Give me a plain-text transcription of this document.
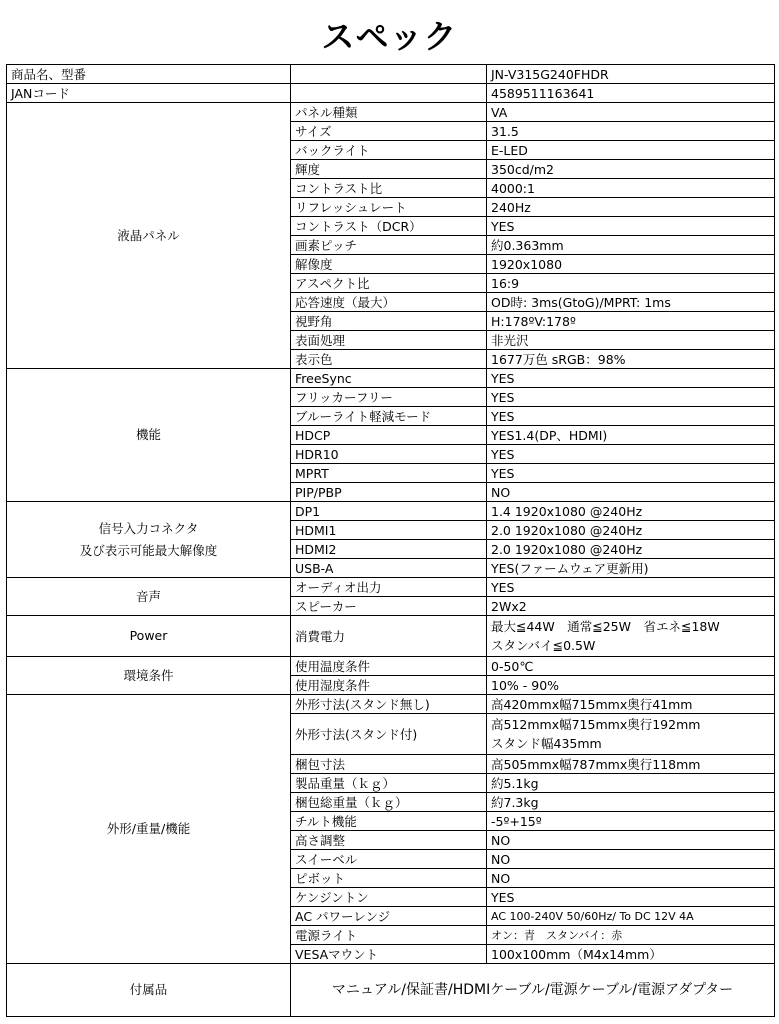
スペック
商品名、型番		JN-V315G240FHDR
JANコード		4589511163641
液晶パネル	パネル種類	VA
	サイズ	31.5
	バックライト	E-LED
	輝度	350cd/m2
	コントラスト比	4000:1
	リフレッシュレート	240Hz
	コントラスト（DCR）	YES
	画素ピッチ	約0.363mm
	解像度	1920x1080
	アスペクト比	16:9
	応答速度（最大）	OD時: 3ms(GtoG)/MPRT: 1ms
	視野角	H:178ºV:178º
	表面処理	非光沢
	表示色	1677万色 sRGB：98%
機能	FreeSync	YES
	フリッカーフリー	YES
	ブルーライト軽減モード	YES
	HDCP	YES1.4(DP、HDMI)
	HDR10	YES
	MPRT	YES
	PIP/PBP	NO
信号入力コネクタ
及び表示可能最大解像度	DP1	1.4 1920x1080 @240Hz
	HDMI1	2.0 1920x1080 @240Hz
	HDMI2	2.0 1920x1080 @240Hz
	USB-A	YES(ファームウェア更新用)
音声	オーディオ出力	YES
	スピーカー	2Wx2
Power	消費電力	最大≦44W　通常≦25W　省エネ≦18W
スタンバイ≦0.5W
環境条件	使用温度条件	0-50℃
	使用湿度条件	10% - 90%
外形/重量/機能	外形寸法(スタンド無し)	高420mmx幅715mmx奥行41mm
	外形寸法(スタンド付)	高512mmx幅715mmx奥行192mm
スタンド幅435mm
	梱包寸法	高505mmx幅787mmx奥行118mm
	製品重量（ｋｇ）	約5.1kg
	梱包総重量（ｋｇ）	約7.3kg
	チルト機能	-5º+15º
	高さ調整	NO
	スイーベル	NO
	ピボット	NO
	ケンジントン	YES
	AC パワーレンジ	AC 100-240V 50/60Hz/ To DC 12V 4A
	電源ライト	オン：青　スタンバイ：赤
	VESAマウント	100x100mm（M4x14mm）
付属品	マニュアル/保証書/HDMIケーブル/電源ケーブル/電源アダプター	
